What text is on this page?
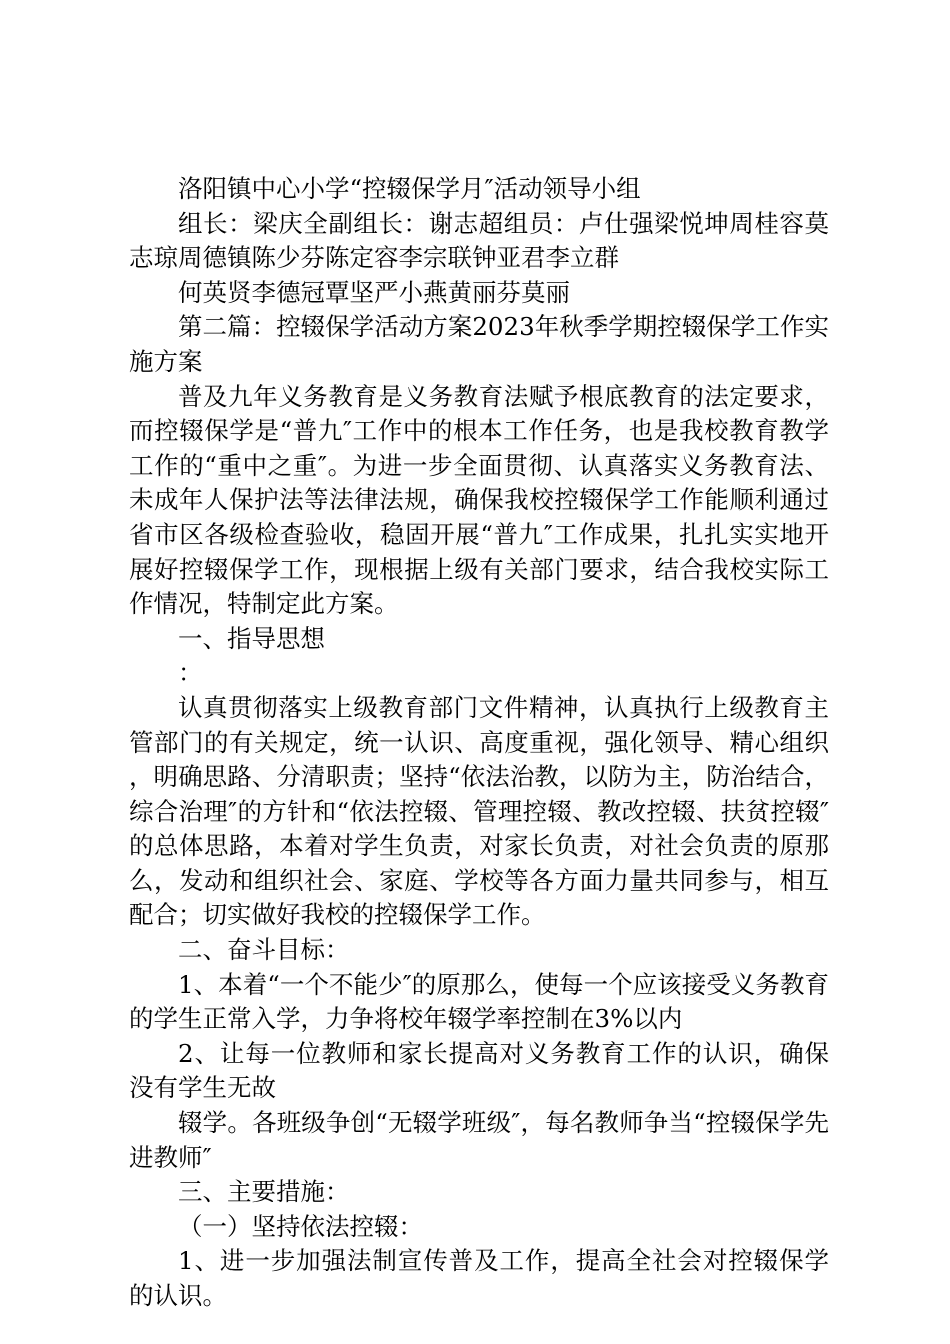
洛阳镇中心小学“控辍保学月″活动领导小组

组长：梁庆全副组长：谢志超组员：卢仕强梁悦坤周桂容莫志琼周德镇陈少芬陈定容李宗联钟亚君李立群

何英贤李德冠覃坚严小燕黄丽芬莫丽

第二篇：控辍保学活动方案2023年秋季学期控辍保学工作实施方案

普及九年义务教育是义务教育法赋予根底教育的法定要求，而控辍保学是“普九″工作中的根本工作任务，也是我校教育教学工作的“重中之重″。为进一步全面贯彻、认真落实义务教育法、未成年人保护法等法律法规，确保我校控辍保学工作能顺利通过省市区各级检查验收，稳固开展“普九″工作成果，扎扎实实地开展好控辍保学工作，现根据上级有关部门要求，结合我校实际工作情况，特制定此方案。

一、指导思想

：

认真贯彻落实上级教育部门文件精神，认真执行上级教育主管部门的有关规定，统一认识、高度重视，强化领导、精心组织，明确思路、分清职责；坚持“依法治教，以防为主，防治结合，综合治理″的方针和“依法控辍、管理控辍、教改控辍、扶贫控辍″的总体思路，本着对学生负责，对家长负责，对社会负责的原那么，发动和组织社会、家庭、学校等各方面力量共同参与，相互配合；切实做好我校的控辍保学工作。

二、奋斗目标：

1、本着“一个不能少″的原那么，使每一个应该接受义务教育的学生正常入学，力争将校年辍学率控制在3%以内

2、让每一位教师和家长提高对义务教育工作的认识，确保没有学生无故

辍学。各班级争创“无辍学班级″，每名教师争当“控辍保学先进教师″

三、主要措施：

（一）坚持依法控辍：

1、进一步加强法制宣传普及工作，提高全社会对控辍保学的认识。
